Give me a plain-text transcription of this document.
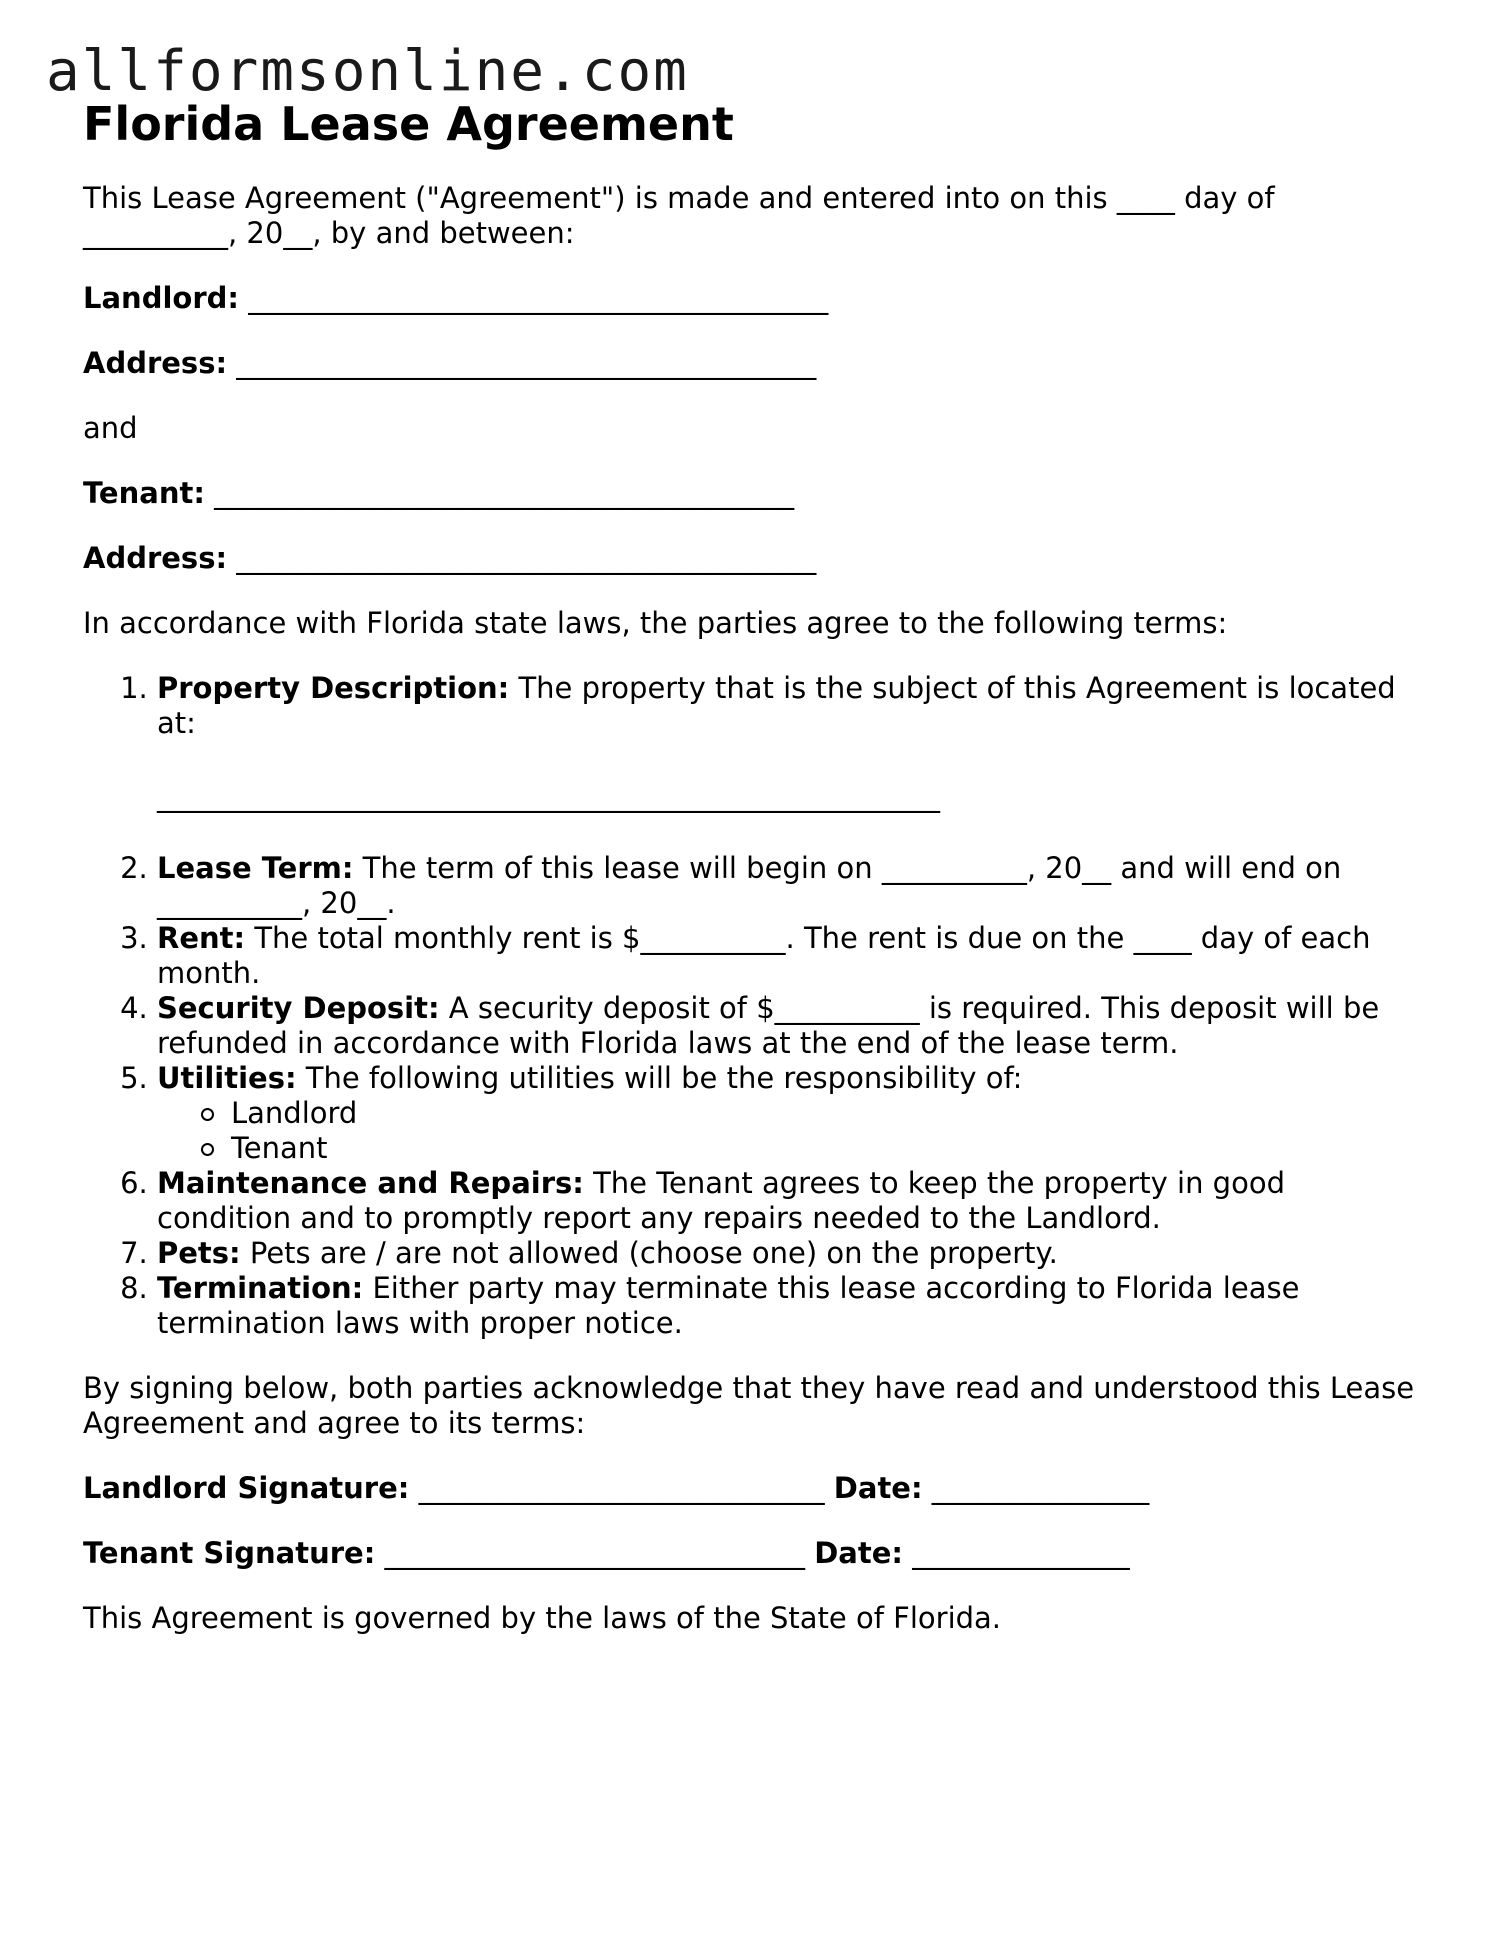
allformsonline.com
Florida Lease Agreement

This Lease Agreement ("Agreement") is made and entered into on this ____ day of __________, 20__, by and between:

Landlord: ________________________________________
Address: ________________________________________

and

Tenant: ________________________________________
Address: ________________________________________

In accordance with Florida state laws, the parties agree to the following terms:

1. Property Description: The property that is the subject of this Agreement is located at:
______________________________________________________
2. Lease Term: The term of this lease will begin on __________, 20__ and will end on __________, 20__.
3. Rent: The total monthly rent is $__________. The rent is due on the ____ day of each month.
4. Security Deposit: A security deposit of $__________ is required. This deposit will be refunded in accordance with Florida laws at the end of the lease term.
5. Utilities: The following utilities will be the responsibility of:
Landlord
Tenant
6. Maintenance and Repairs: The Tenant agrees to keep the property in good condition and to promptly report any repairs needed to the Landlord.
7. Pets: Pets are / are not allowed (choose one) on the property.
8. Termination: Either party may terminate this lease according to Florida lease termination laws with proper notice.

By signing below, both parties acknowledge that they have read and understood this Lease Agreement and agree to its terms:

Landlord Signature: ____________________________ Date: _______________
Tenant Signature: _____________________________ Date: _______________

This Agreement is governed by the laws of the State of Florida.
